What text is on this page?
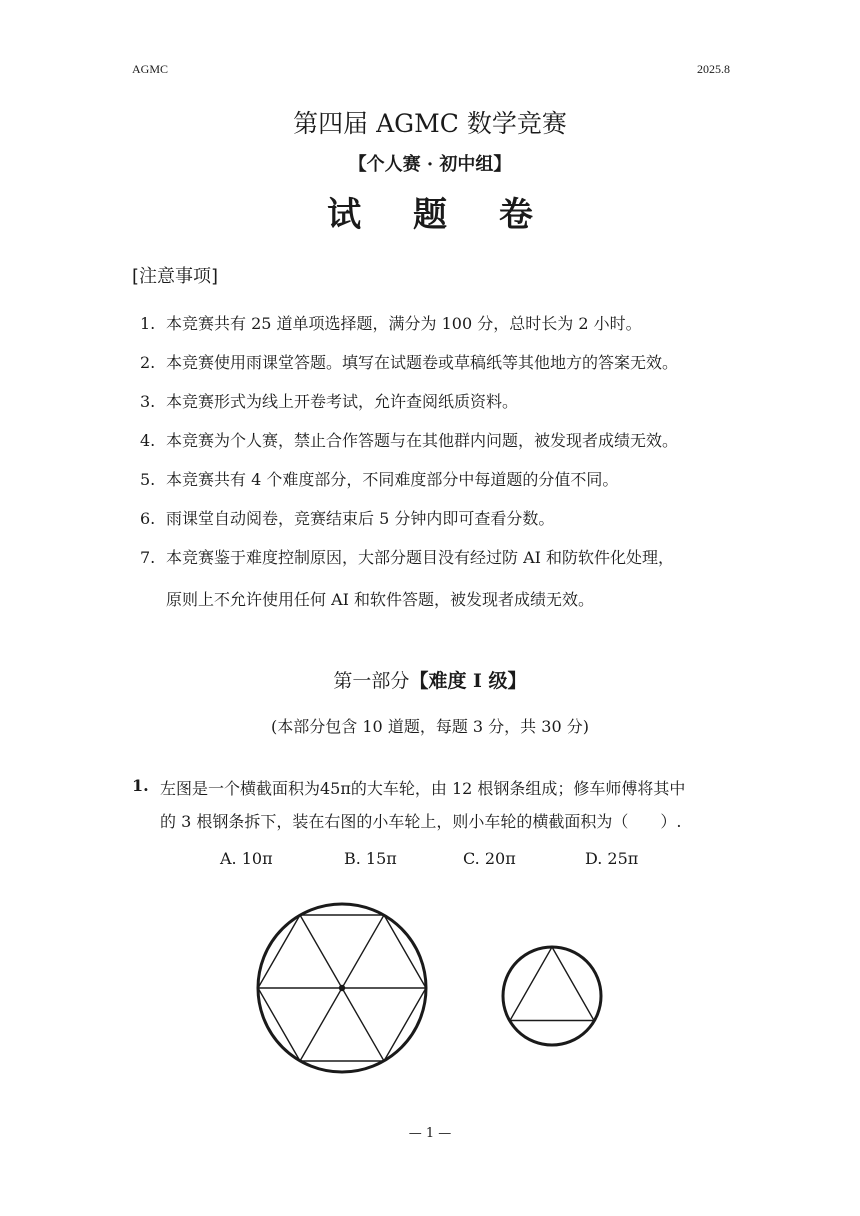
AGMC	2025.8
第四届 AGMC 数学竞赛
【个人赛 · 初中组】
试 题 卷
[注意事项]
1. 本竞赛共有 25 道单项选择题，满分为 100 分，总时长为 2 小时。
2. 本竞赛使用雨课堂答题。填写在试题卷或草稿纸等其他地方的答案无效。
3. 本竞赛形式为线上开卷考试，允许查阅纸质资料。
4. 本竞赛为个人赛，禁止合作答题与在其他群内问题，被发现者成绩无效。
5. 本竞赛共有 4 个难度部分，不同难度部分中每道题的分值不同。
6. 雨课堂自动阅卷，竞赛结束后 5 分钟内即可查看分数。
7. 本竞赛鉴于难度控制原因，大部分题目没有经过防 AI 和防软件化处理，
原则上不允许使用任何 AI 和软件答题，被发现者成绩无效。
第一部分【难度 I 级】
(本部分包含 10 道题，每题 3 分，共 30 分)
1. 左图是一个横截面积为45π的大车轮，由 12 根钢条组成；修车师傅将其中
的 3 根钢条拆下，装在右图的小车轮上，则小车轮的横截面积为（　　）.
A. 10π	B. 15π	C. 20π	D. 25π
— 1 —
